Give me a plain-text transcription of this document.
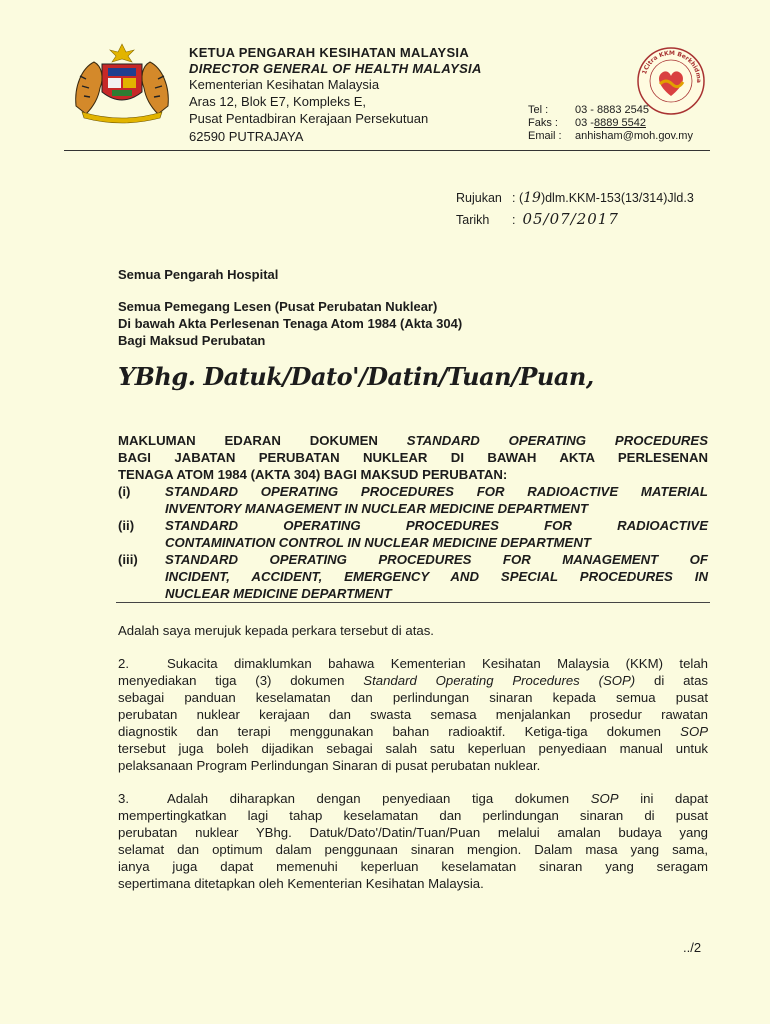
KETUA PENGARAH KESIHATAN MALAYSIA
DIRECTOR GENERAL OF HEALTH MALAYSIA
Kementerian Kesihatan Malaysia
Aras 12, Blok E7, Kompleks E,
Pusat Pentadbiran Kerajaan Persekutuan
62590 PUTRAJAYA
1Citra KKM Berkhidma
Tel :	03 - 8883 2545
Faks :	03 - 8889 5542
Email :	anhisham@moh.gov.my
Rujukan : (19)dlm.KKM-153(13/314)Jld.3
Tarikh : 05/07/2017
Semua Pengarah Hospital
Semua Pemegang Lesen (Pusat Perubatan Nuklear)
Di bawah Akta Perlesenan Tenaga Atom 1984 (Akta 304)
Bagi Maksud Perubatan
YBhg. Datuk/Dato'/Datin/Tuan/Puan,

MAKLUMAN EDARAN DOKUMEN STANDARD OPERATING PROCEDURES

BAGI JABATAN PERUBATAN NUKLEAR DI BAWAH AKTA PERLESENAN

TENAGA ATOM 1984 (AKTA 304) BAGI MAKSUD PERUBATAN:

(i)	STANDARD OPERATING PROCEDURES FOR RADIOACTIVE MATERIAL

INVENTORY MANAGEMENT IN NUCLEAR MEDICINE DEPARTMENT

(ii)	STANDARD OPERATING PROCEDURES FOR RADIOACTIVE

CONTAMINATION CONTROL IN NUCLEAR MEDICINE DEPARTMENT

(iii)	STANDARD OPERATING PROCEDURES FOR MANAGEMENT OF

INCIDENT, ACCIDENT, EMERGENCY AND SPECIAL PROCEDURES IN

NUCLEAR MEDICINE DEPARTMENT

Adalah saya merujuk kepada perkara tersebut di atas.

2.	Sukacita dimaklumkan bahawa Kementerian Kesihatan Malaysia (KKM) telah

menyediakan tiga (3) dokumen Standard Operating Procedures (SOP) di atas

sebagai panduan keselamatan dan perlindungan sinaran kepada semua pusat

perubatan nuklear kerajaan dan swasta semasa menjalankan prosedur rawatan

diagnostik dan terapi menggunakan bahan radioaktif. Ketiga-tiga dokumen SOP

tersebut juga boleh dijadikan sebagai salah satu keperluan penyediaan manual untuk

pelaksanaan Program Perlindungan Sinaran di pusat perubatan nuklear.

3.	Adalah diharapkan dengan penyediaan tiga dokumen SOP ini dapat

mempertingkatkan lagi tahap keselamatan dan perlindungan sinaran di pusat

perubatan nuklear YBhg. Datuk/Dato'/Datin/Tuan/Puan melalui amalan budaya yang

selamat dan optimum dalam penggunaan sinaran mengion. Dalam masa yang sama,

ianya juga dapat memenuhi keperluan keselamatan sinaran yang seragam

sepertimana ditetapkan oleh Kementerian Kesihatan Malaysia.

../2
